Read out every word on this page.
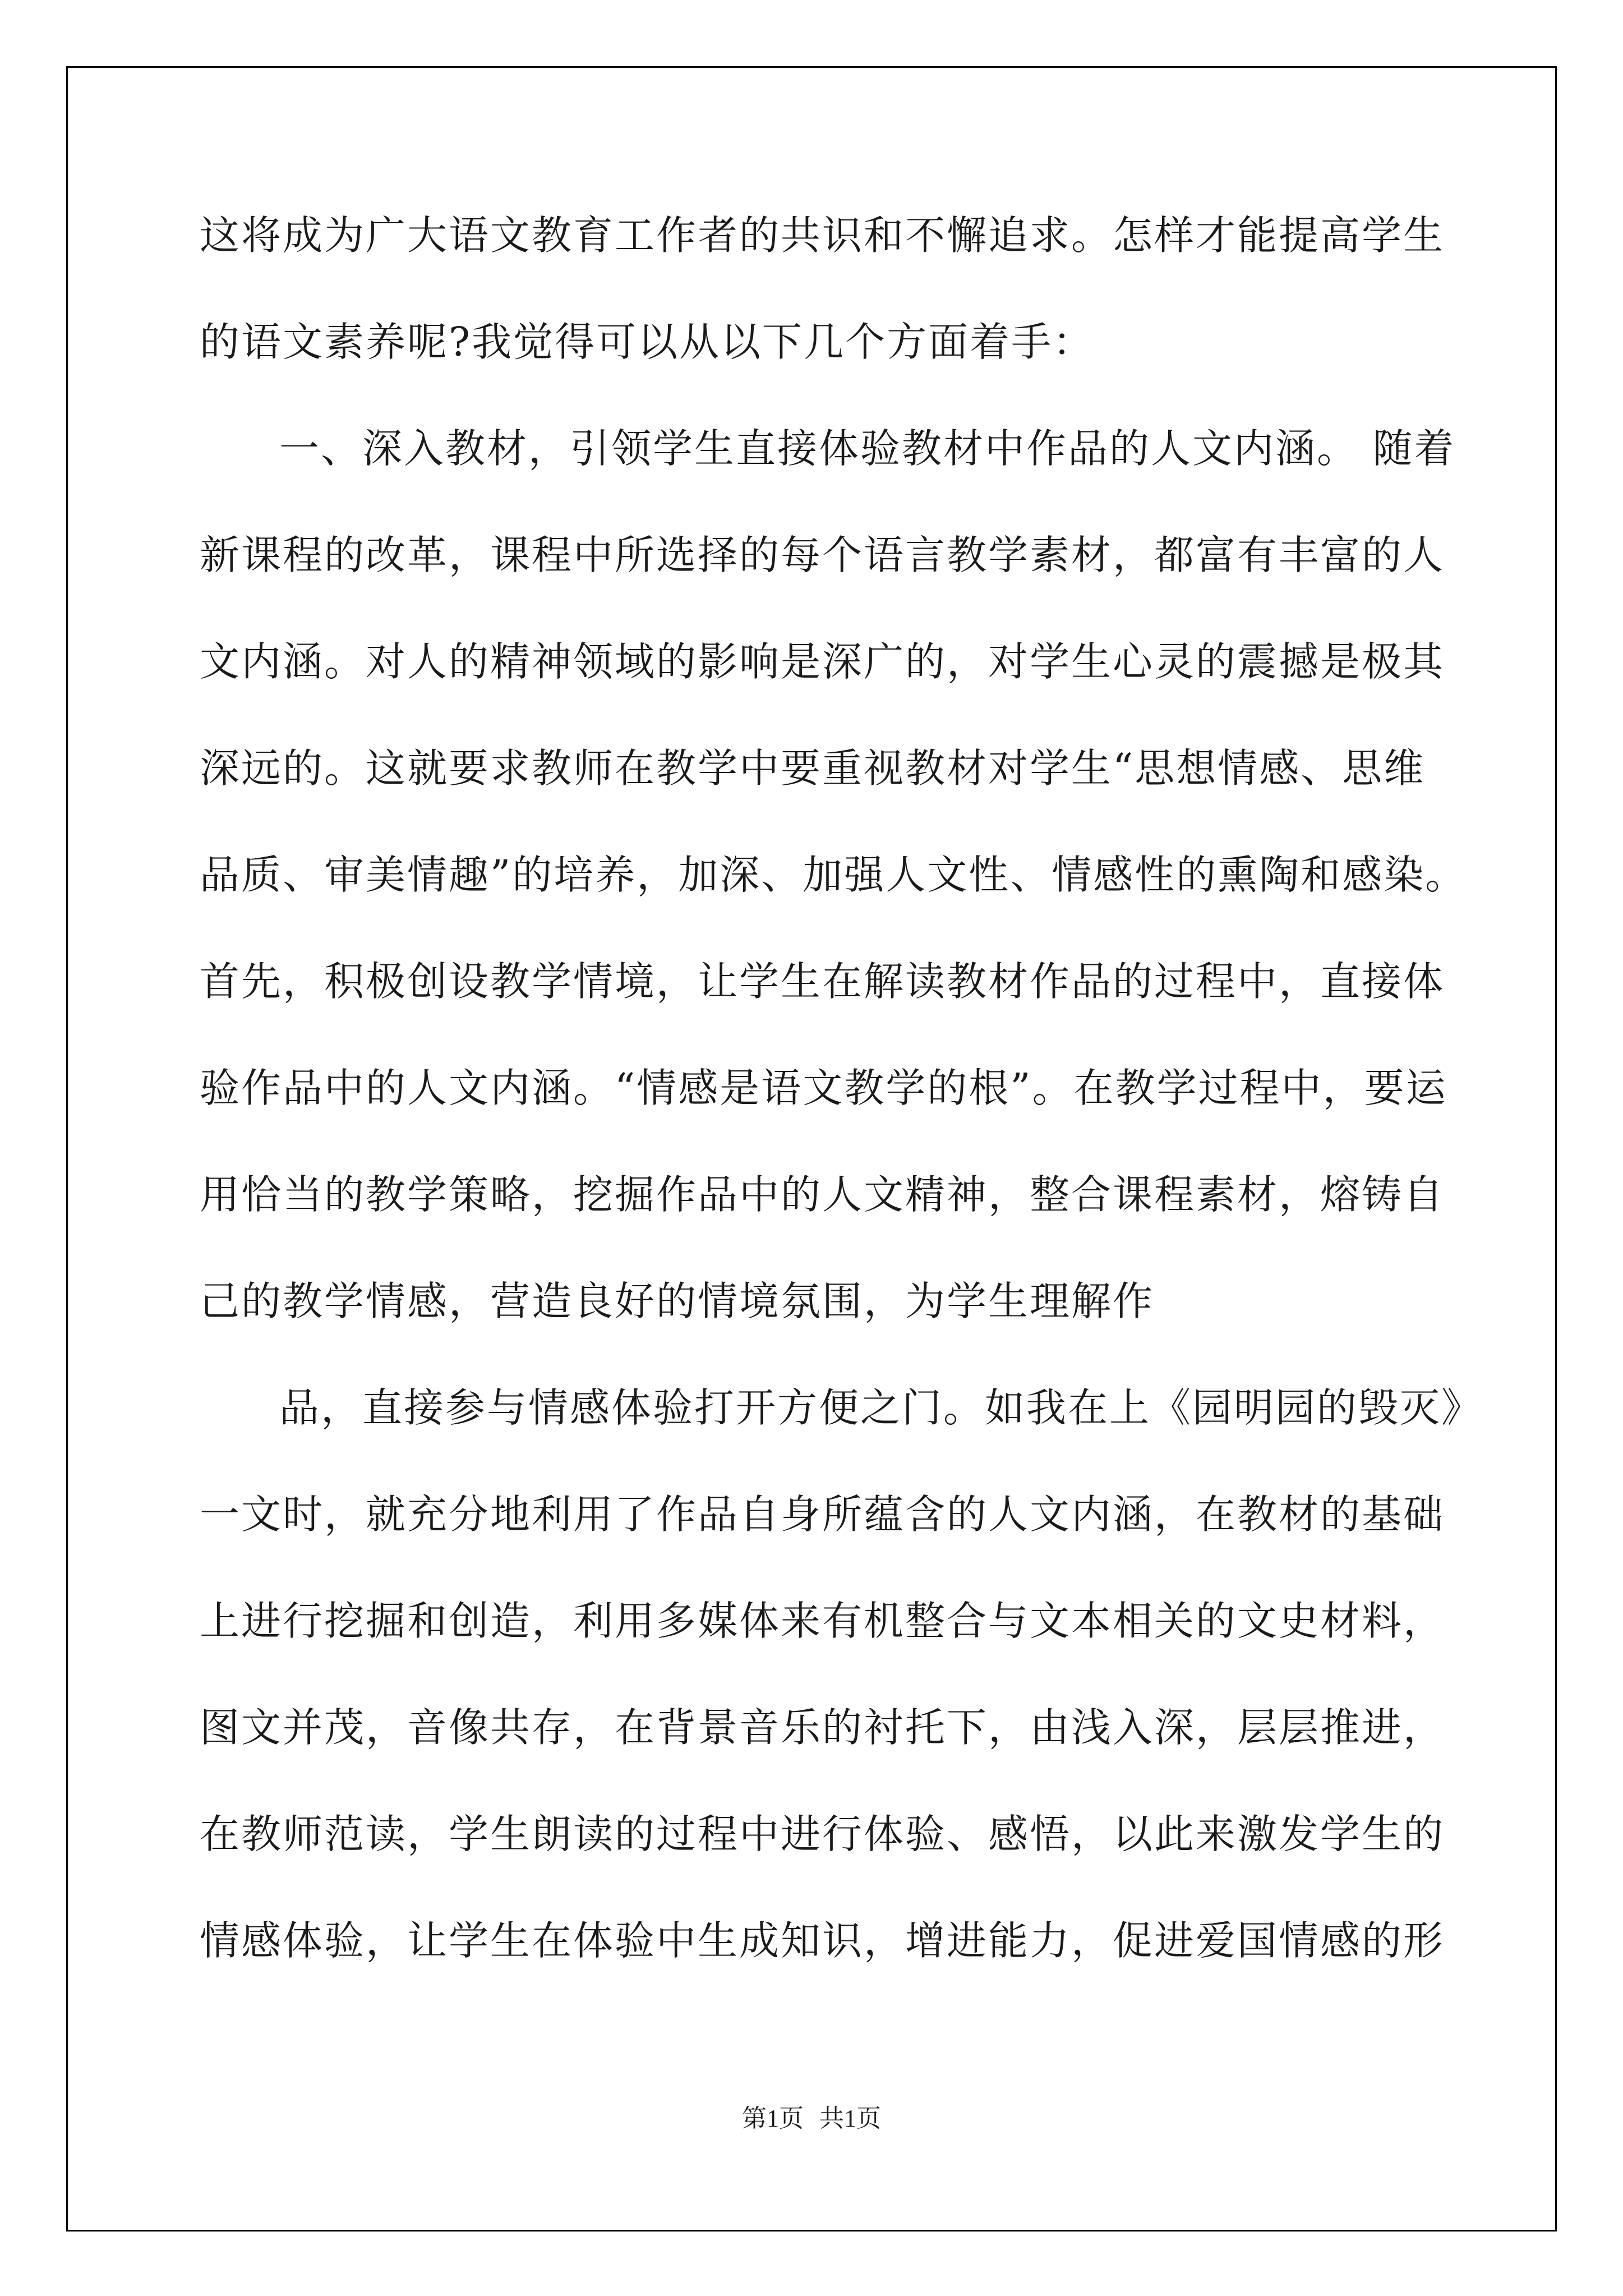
这将成为广大语文教育工作者的共识和不懈追求。怎样才能提高学生
的语文素养呢?我觉得可以从以下几个方面着手：
一、深入教材，引领学生直接体验教材中作品的人文内涵。 随着
新课程的改革，课程中所选择的每个语言教学素材，都富有丰富的人
文内涵。对人的精神领域的影响是深广的，对学生心灵的震撼是极其
深远的。这就要求教师在教学中要重视教材对学生“思想情感、思维
品质、审美情趣”的培养，加深、加强人文性、情感性的熏陶和感染。
首先，积极创设教学情境，让学生在解读教材作品的过程中，直接体
验作品中的人文内涵。“情感是语文教学的根”。在教学过程中，要运
用恰当的教学策略，挖掘作品中的人文精神，整合课程素材，熔铸自
己的教学情感，营造良好的情境氛围，为学生理解作
品，直接参与情感体验打开方便之门。如我在上《园明园的毁灭》
一文时，就充分地利用了作品自身所蕴含的人文内涵，在教材的基础
上进行挖掘和创造，利用多媒体来有机整合与文本相关的文史材料，
图文并茂，音像共存，在背景音乐的衬托下，由浅入深，层层推进，
在教师范读，学生朗读的过程中进行体验、感悟，以此来激发学生的
情感体验，让学生在体验中生成知识，增进能力，促进爱国情感的形
第1页 共1页
